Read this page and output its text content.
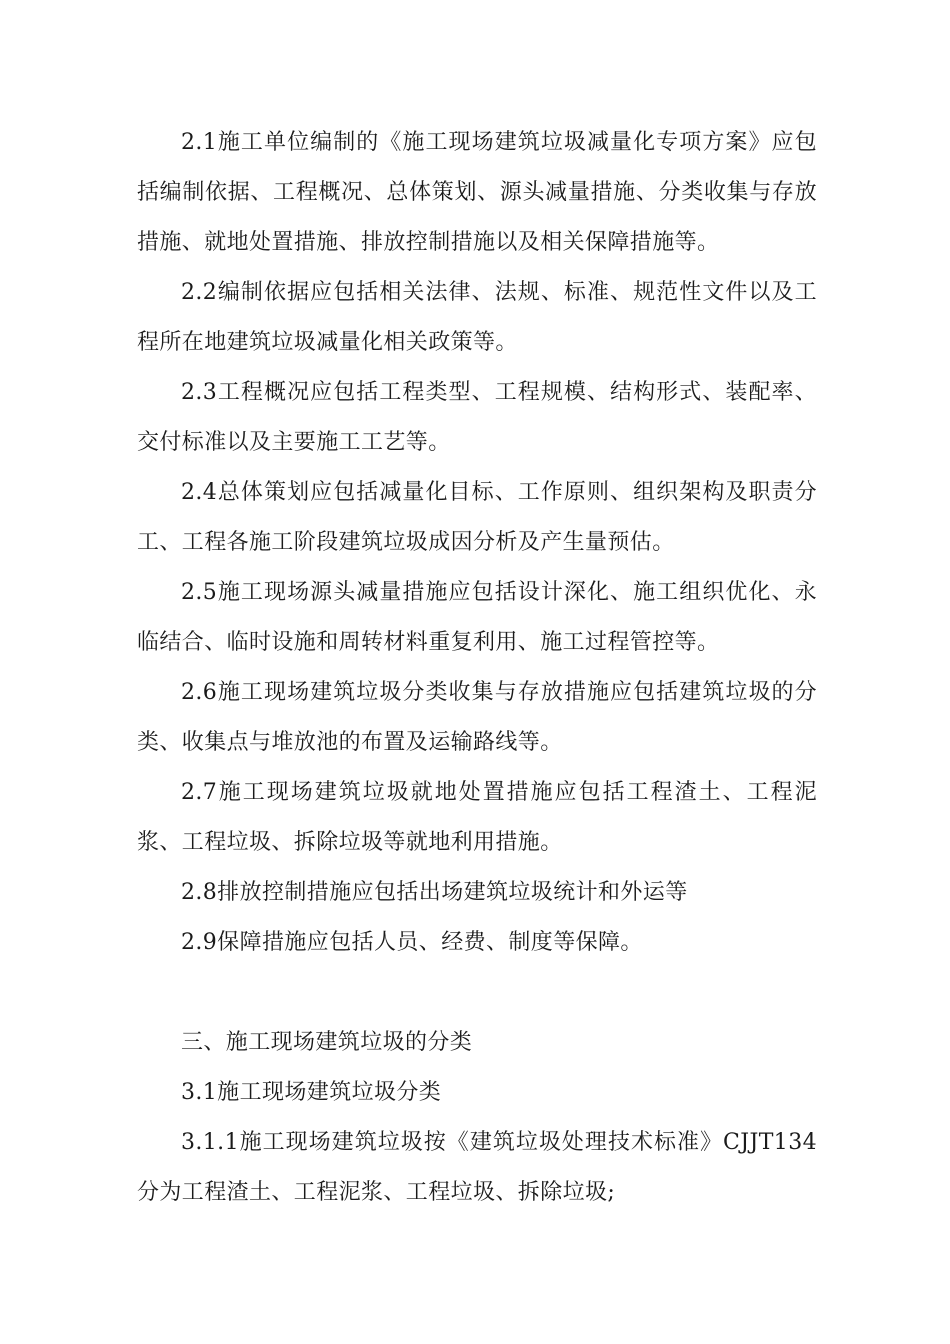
2.1施工单位编制的《施工现场建筑垃圾减量化专项方案》应包括编制依据、工程概况、总体策划、源头减量措施、分类收集与存放措施、就地处置措施、排放控制措施以及相关保障措施等。

2.2编制依据应包括相关法律、法规、标准、规范性文件以及工程所在地建筑垃圾减量化相关政策等。

2.3工程概况应包括工程类型、工程规模、结构形式、装配率、交付标准以及主要施工工艺等。

2.4总体策划应包括减量化目标、工作原则、组织架构及职责分工、工程各施工阶段建筑垃圾成因分析及产生量预估。

2.5施工现场源头减量措施应包括设计深化、施工组织优化、永临结合、临时设施和周转材料重复利用、施工过程管控等。

2.6施工现场建筑垃圾分类收集与存放措施应包括建筑垃圾的分类、收集点与堆放池的布置及运输路线等。

2.7施工现场建筑垃圾就地处置措施应包括工程渣土、工程泥浆、工程垃圾、拆除垃圾等就地利用措施。

2.8排放控制措施应包括出场建筑垃圾统计和外运等

2.9保障措施应包括人员、经费、制度等保障。

三、施工现场建筑垃圾的分类

3.1施工现场建筑垃圾分类

3.1.1施工现场建筑垃圾按《建筑垃圾处理技术标准》CJJT134分为工程渣土、工程泥浆、工程垃圾、拆除垃圾;
